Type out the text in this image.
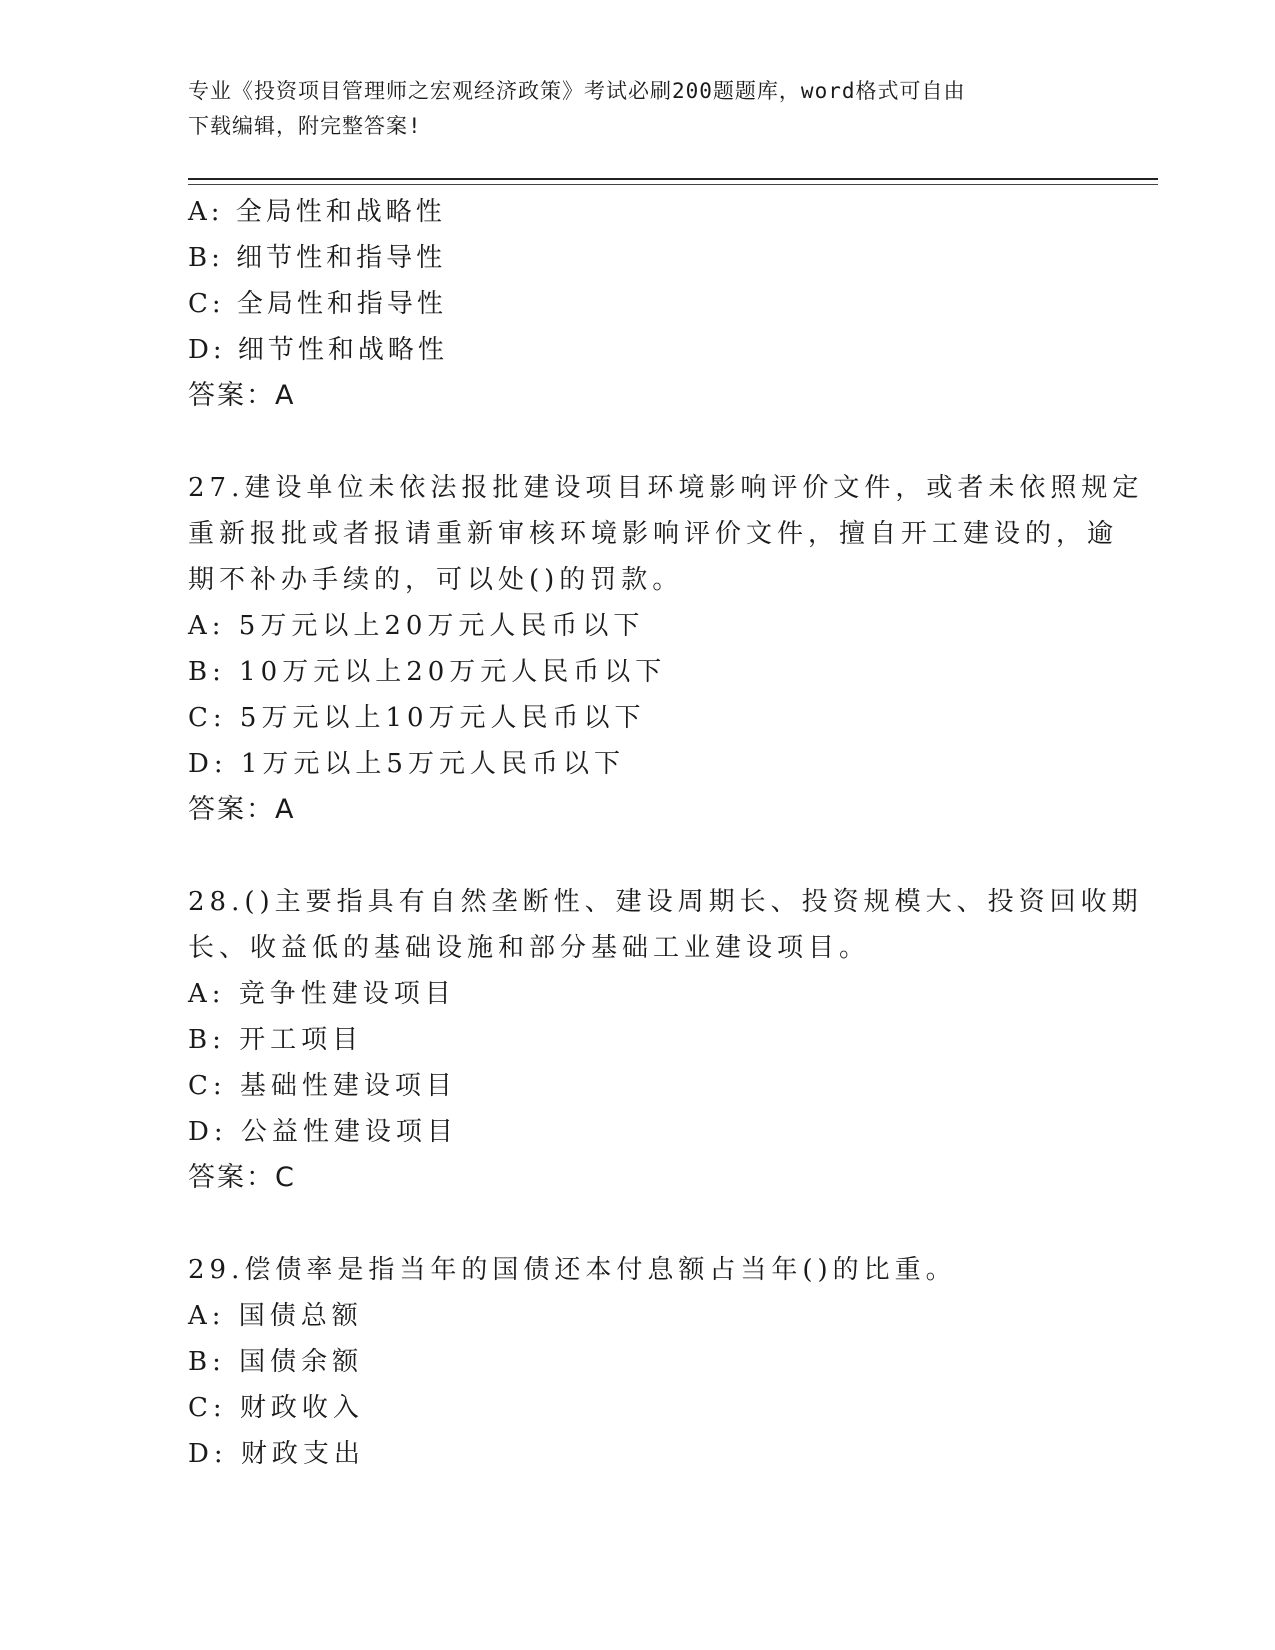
专业《投资项目管理师之宏观经济政策》考试必刷200题题库，word格式可自由
下载编辑，附完整答案!
A: 全局性和战略性
B: 细节性和指导性
C: 全局性和指导性
D: 细节性和战略性
答案：A
27.建设单位未依法报批建设项目环境影响评价文件，或者未依照规定
重新报批或者报请重新审核环境影响评价文件，擅自开工建设的，逾
期不补办手续的，可以处()的罚款。
A: 5万元以上20万元人民币以下
B: 10万元以上20万元人民币以下
C: 5万元以上10万元人民币以下
D: 1万元以上5万元人民币以下
答案：A
28.()主要指具有自然垄断性、建设周期长、投资规模大、投资回收期
长、收益低的基础设施和部分基础工业建设项目。
A: 竞争性建设项目
B: 开工项目
C: 基础性建设项目
D: 公益性建设项目
答案：C
29.偿债率是指当年的国债还本付息额占当年()的比重。
A: 国债总额
B: 国债余额
C: 财政收入
D: 财政支出
